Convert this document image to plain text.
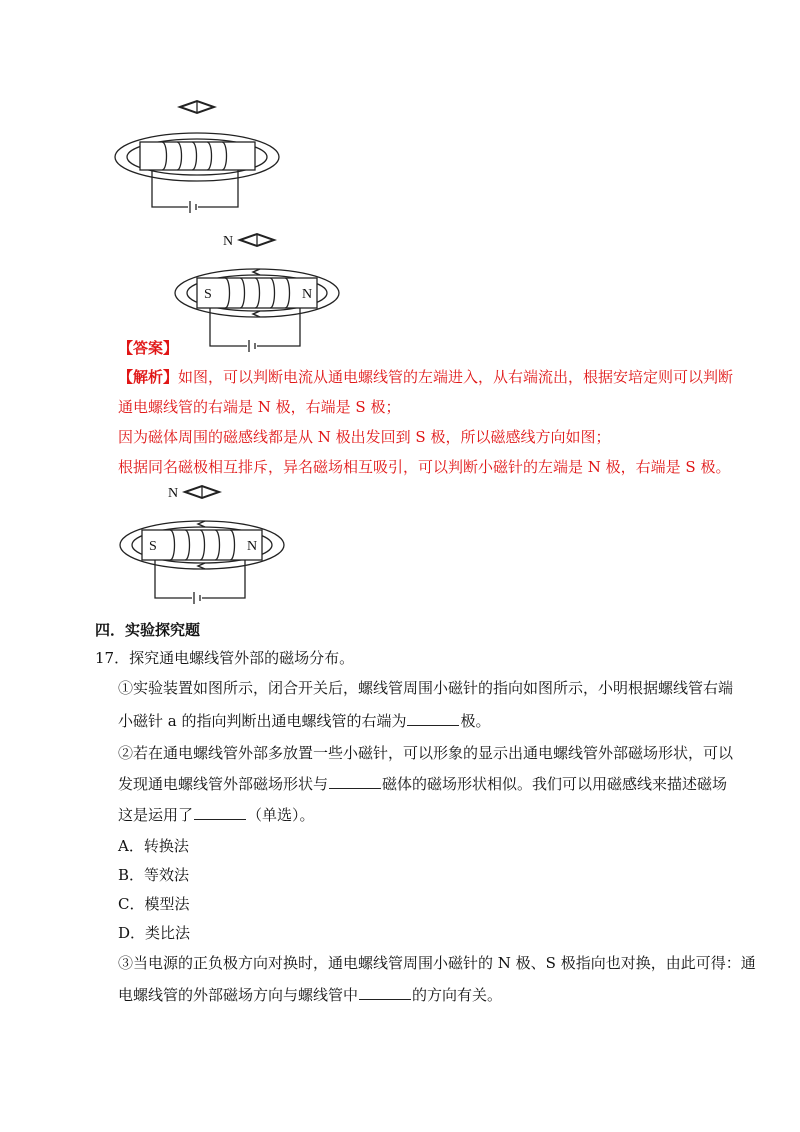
N
S	N
【答案】
【解析】如图，可以判断电流从通电螺线管的左端进入，从右端流出，根据安培定则可以判断
通电螺线管的右端是 N 极，右端是 S 极；
因为磁体周围的磁感线都是从 N 极出发回到 S 极，所以磁感线方向如图；
根据同名磁极相互排斥，异名磁场相互吸引，可以判断小磁针的左端是 N 极，右端是 S 极。
N
S	N
四．实验探究题
17．探究通电螺线管外部的磁场分布。
①实验装置如图所示，闭合开关后，螺线管周围小磁针的指向如图所示，小明根据螺线管右端
小磁针 a 的指向判断出通电螺线管的右端为	极。
②若在通电螺线管外部多放置一些小磁针，可以形象的显示出通电螺线管外部磁场形状，可以
发现通电螺线管外部磁场形状与	磁体的磁场形状相似。我们可以用磁感线来描述磁场
这是运用了	（单选）。
A．转换法
B．等效法
C．模型法
D．类比法
③当电源的正负极方向对换时，通电螺线管周围小磁针的 N 极、S 极指向也对换，由此可得：通
电螺线管的外部磁场方向与螺线管中	的方向有关。
